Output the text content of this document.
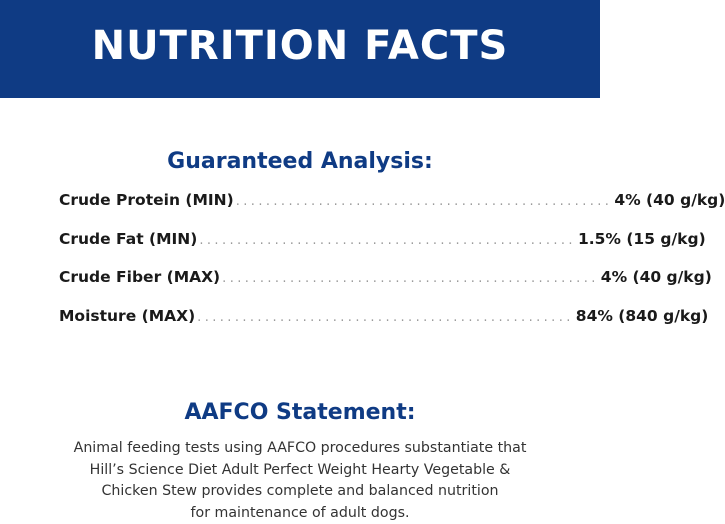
NUTRITION FACTS
Guaranteed Analysis:
Crude Protein (MIN) .................................................. 4% (40 g/kg)
Crude Fat (MIN) .................................................. 1.5% (15 g/kg)
Crude Fiber (MAX) .................................................. 4% (40 g/kg)
Moisture (MAX) .................................................. 84% (840 g/kg)
AAFCO Statement:

Animal feeding tests using AAFCO procedures substantiate that
Hill’s Science Diet Adult Perfect Weight Hearty Vegetable &
Chicken Stew provides complete and balanced nutrition
for maintenance of adult dogs.
